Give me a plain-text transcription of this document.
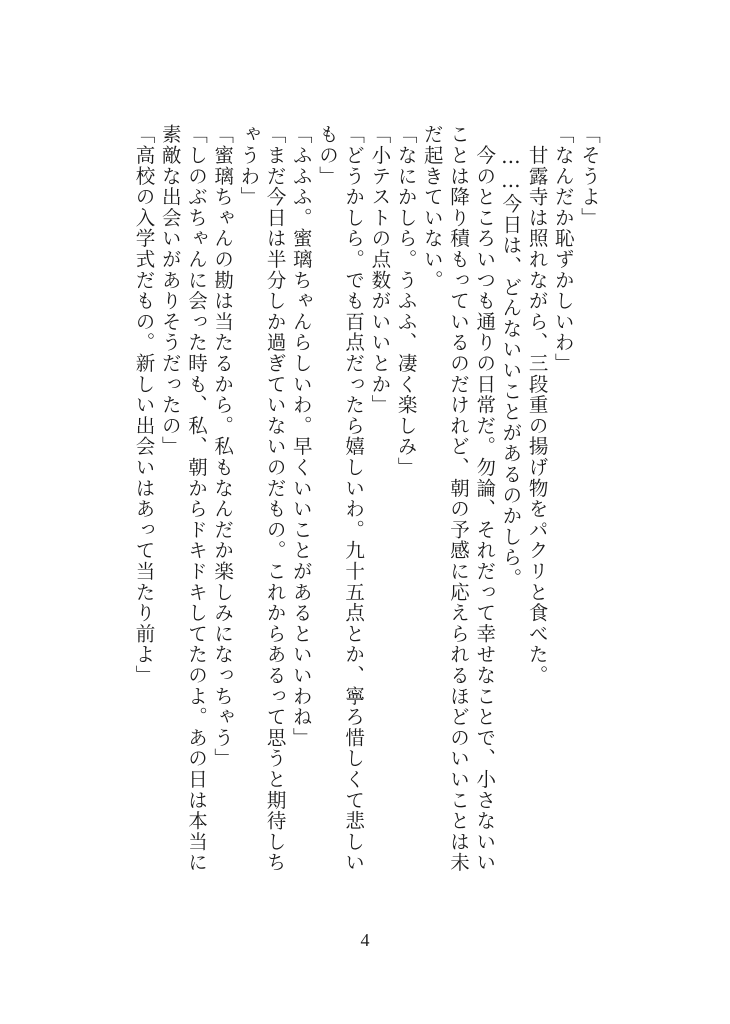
「そうよ」
「なんだか恥ずかしいわ」
　甘露寺は照れながら、三段重の揚げ物をパクリと食べた。
　……今日は、どんないいことがあるのかしら。
　今のところいつも通りの日常だ。勿論、それだって幸せなことで、小さないい
ことは降り積もっているのだけれど、朝の予感に応えられるほどのいいことは未
だ起きていない。
「なにかしら。うふふ、凄く楽しみ」
「小テストの点数がいいとか」
「どうかしら。でも百点だったら嬉しいわ。九十五点とか、寧ろ惜しくて悲しい
もの」
「ふふふ。蜜璃ちゃんらしいわ。早くいいことがあるといいわね」
「まだ今日は半分しか過ぎていないのだもの。これからあるって思うと期待しち
ゃうわ」
「蜜璃ちゃんの勘は当たるから。私もなんだか楽しみになっちゃう」
「しのぶちゃんに会った時も、私、朝からドキドキしてたのよ。あの日は本当に
素敵な出会いがありそうだったの」
「高校の入学式だもの。新しい出会いはあって当たり前よ」
4
